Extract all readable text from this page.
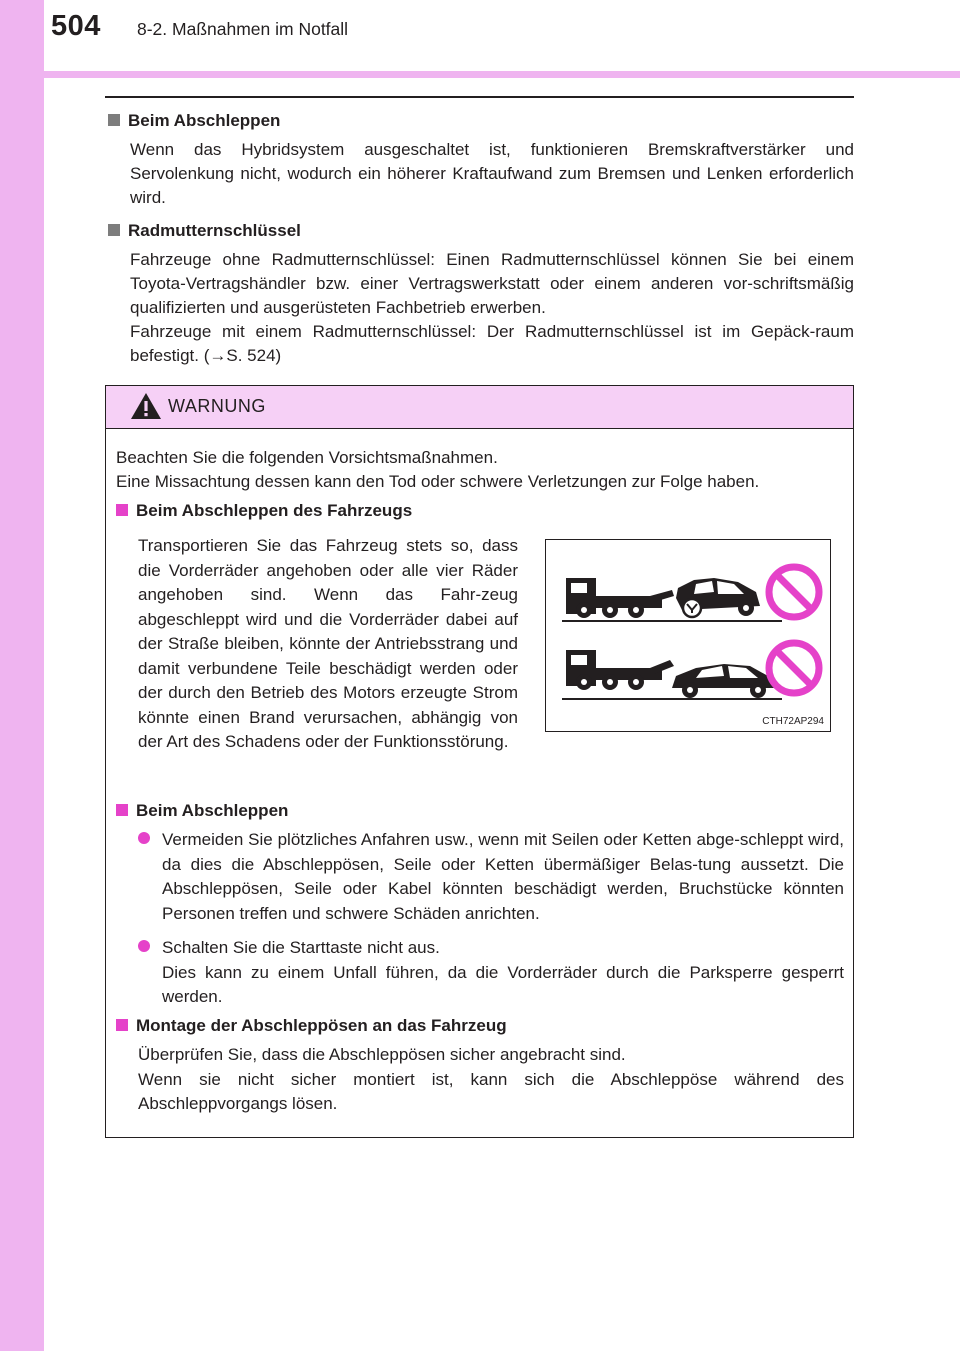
504 8-2. Maßnahmen im Notfall
Beim Abschleppen
Wenn das Hybridsystem ausgeschaltet ist, funktionieren Bremskraftverstärker und Servolenkung nicht, wodurch ein höherer Kraftaufwand zum Bremsen und Lenken erforderlich wird.
Radmutternschlüssel
Fahrzeuge ohne Radmutternschlüssel: Einen Radmutternschlüssel können Sie bei einem Toyota-Vertragshändler bzw. einer Vertragswerkstatt oder einem anderen vor-schriftsmäßig qualifizierten und ausgerüsteten Fachbetrieb erwerben.
Fahrzeuge mit einem Radmutternschlüssel: Der Radmutternschlüssel ist im Gepäck-raum befestigt. (→S. 524)
WARNUNG
Beachten Sie die folgenden Vorsichtsmaßnahmen.
Eine Missachtung dessen kann den Tod oder schwere Verletzungen zur Folge haben.
Beim Abschleppen des Fahrzeugs
Transportieren Sie das Fahrzeug stets so, dass die Vorderräder angehoben oder alle vier Räder angehoben sind. Wenn das Fahr-zeug abgeschleppt wird und die Vorderräder dabei auf der Straße bleiben, könnte der Antriebsstrang und damit verbundene Teile beschädigt werden oder der durch den Betrieb des Motors erzeugte Strom könnte einen Brand verursachen, abhängig von der Art des Schadens oder der Funktionsstörung.
CTH72AP294
Beim Abschleppen
Vermeiden Sie plötzliches Anfahren usw., wenn mit Seilen oder Ketten abge-schleppt wird, da dies die Abschleppösen, Seile oder Ketten übermäßiger Belas-tung aussetzt. Die Abschleppösen, Seile oder Kabel könnten beschädigt werden, Bruchstücke könnten Personen treffen und schwere Schäden anrichten.
Schalten Sie die Starttaste nicht aus.
Dies kann zu einem Unfall führen, da die Vorderräder durch die Parksperre gesperrt werden.
Montage der Abschleppösen an das Fahrzeug
Überprüfen Sie, dass die Abschleppösen sicher angebracht sind.
Wenn sie nicht sicher montiert ist, kann sich die Abschleppöse während des Abschleppvorgangs lösen.
